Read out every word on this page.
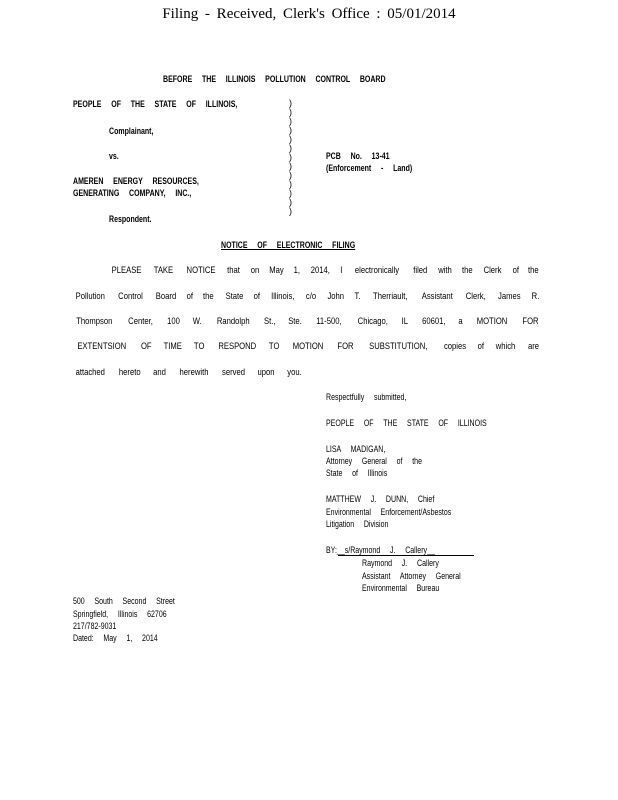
Filing - Received, Clerk's Office : 05/01/2014
BEFORE THE ILLINOIS POLLUTION CONTROL BOARD
PEOPLE OF THE STATE OF ILLINOIS,
Complainant,
vs.
AMEREN ENERGY RESOURCES,
GENERATING COMPANY, INC.,
Respondent.
PCB No. 13-41
(Enforcement - Land)
)
)
)
)
)
)
)
)
)
)
)
)
)
NOTICE OF ELECTRONIC FILING
PLEASE TAKE NOTICE that on May 1, 2014, I electronically filed with the Clerk of the
Pollution Control Board of the State of Illinois, c/o John T. Therriault, Assistant Clerk, James R.
Thompson Center, 100 W. Randolph St., Ste. 11-500, Chicago, IL 60601, a MOTION FOR
EXTENTSION OF TIME TO RESPOND TO MOTION FOR SUBSTITUTION, copies of which are
attached hereto and herewith served upon you.
Respectfully submitted,
PEOPLE OF THE STATE OF ILLINOIS
LISA MADIGAN,
Attorney General of the
State of Illinois
MATTHEW J. DUNN, Chief
Environmental Enforcement/Asbestos
Litigation Division
BY:__s/Raymond J. Callery__
Raymond J. Callery
Assistant Attorney General
Environmental Bureau
500 South Second Street
Springfield, Illinois 62706
217/782-9031
Dated: May 1, 2014
